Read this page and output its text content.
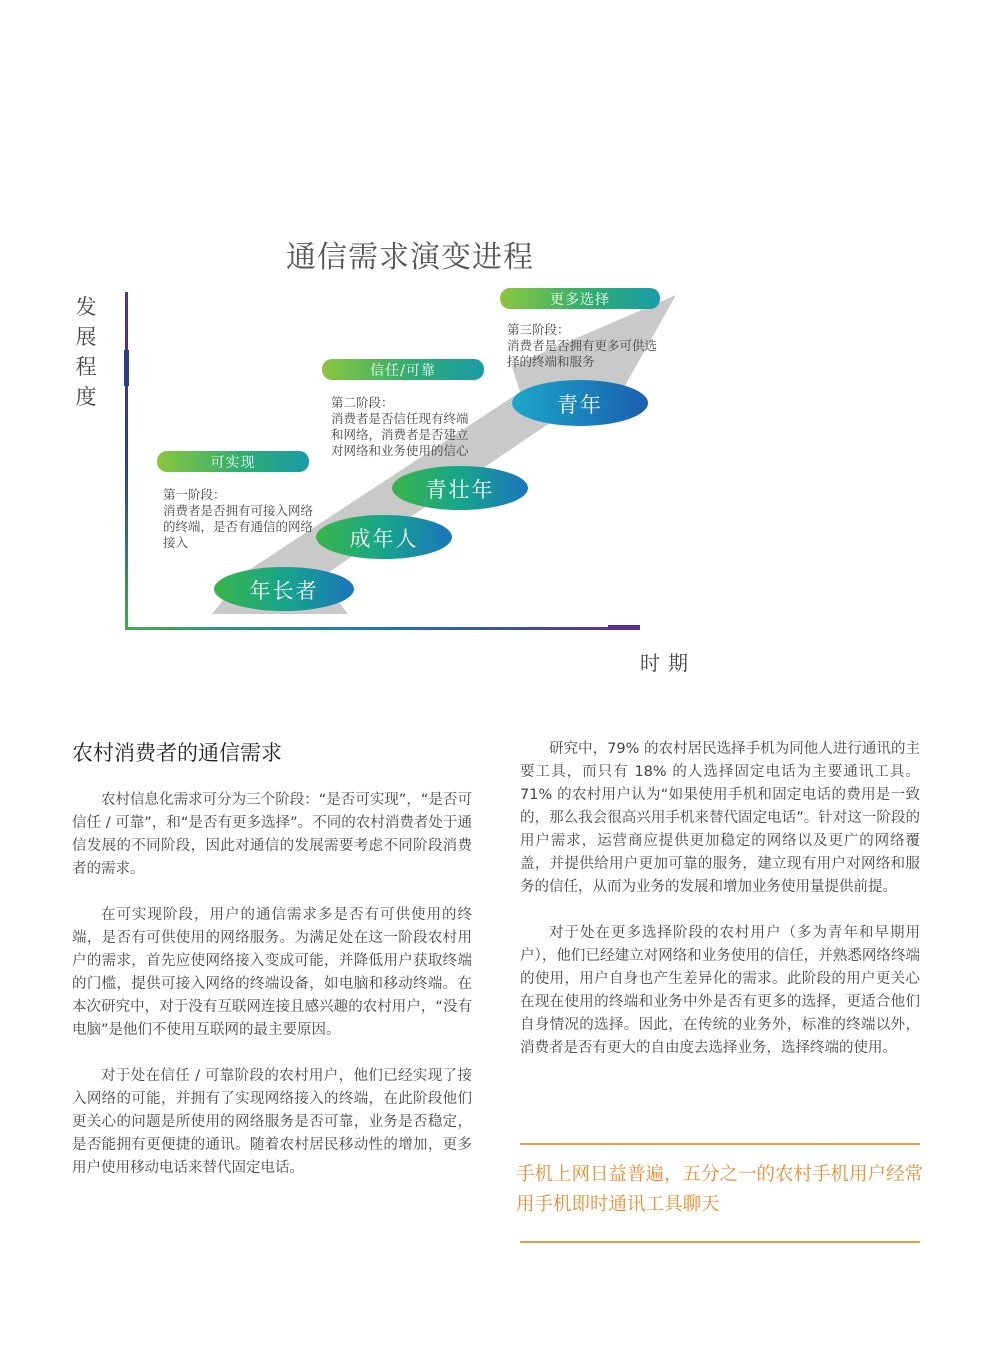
通信需求演变进程
发展程度
时期
可实现
信任/可靠
更多选择
第一阶段：
消费者是否拥有可接入网络的终端，是否有通信的网络接入
第二阶段：
消费者是否信任现有终端和网络，消费者是否建立对网络和业务使用的信心
第三阶段：
消费者是否拥有更多可供选择的终端和服务
年长者
成年人
青壮年
青年
农村消费者的通信需求

农村信息化需求可分为三个阶段：“是否可实现”，“是否可信任 / 可靠”，和“是否有更多选择”。不同的农村消费者处于通信发展的不同阶段，因此对通信的发展需要考虑不同阶段消费者的需求。

在可实现阶段，用户的通信需求多是否有可供使用的终端，是否有可供使用的网络服务。为满足处在这一阶段农村用户的需求，首先应使网络接入变成可能，并降低用户获取终端的门槛，提供可接入网络的终端设备，如电脑和移动终端。在本次研究中，对于没有互联网连接且感兴趣的农村用户，“没有电脑”是他们不使用互联网的最主要原因。

对于处在信任 / 可靠阶段的农村用户，他们已经实现了接入网络的可能，并拥有了实现网络接入的终端，在此阶段他们更关心的问题是所使用的网络服务是否可靠，业务是否稳定，是否能拥有更便捷的通讯。随着农村居民移动性的增加，更多用户使用移动电话来替代固定电话。

研究中，79% 的农村居民选择手机为同他人进行通讯的主要工具，而只有 18% 的人选择固定电话为主要通讯工具。71% 的农村用户认为“如果使用手机和固定电话的费用是一致的，那么我会很高兴用手机来替代固定电话”。针对这一阶段的用户需求，运营商应提供更加稳定的网络以及更广的网络覆盖，并提供给用户更加可靠的服务，建立现有用户对网络和服务的信任，从而为业务的发展和增加业务使用量提供前提。

对于处在更多选择阶段的农村用户（多为青年和早期用户），他们已经建立对网络和业务使用的信任，并熟悉网络终端的使用，用户自身也产生差异化的需求。此阶段的用户更关心在现在使用的终端和业务中外是否有更多的选择，更适合他们自身情况的选择。因此，在传统的业务外，标准的终端以外，消费者是否有更大的自由度去选择业务，选择终端的使用。

手机上网日益普遍，五分之一的农村手机用户经常用手机即时通讯工具聊天
